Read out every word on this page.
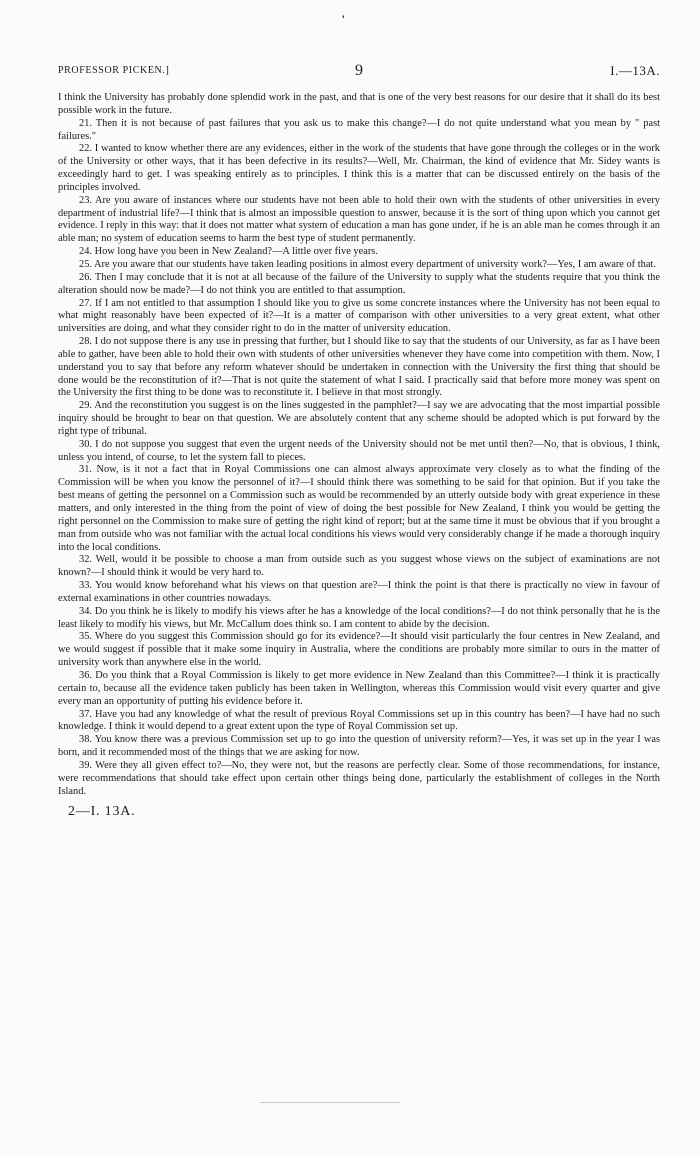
❜
PROFESSOR PICKEN.]	9	I.—13A.

I think the University has probably done splendid work in the past, and that is one of the very best reasons for our desire that it shall do its best possible work in the future.

21. Then it is not because of past failures that you ask us to make this change?—I do not quite understand what you mean by " past failures."

22. I wanted to know whether there are any evidences, either in the work of the students that have gone through the colleges or in the work of the University or other ways, that it has been defective in its results?—Well, Mr. Chairman, the kind of evidence that Mr. Sidey wants is exceedingly hard to get. I was speaking entirely as to principles. I think this is a matter that can be discussed entirely on the basis of the principles involved.

23. Are you aware of instances where our students have not been able to hold their own with the students of other universities in every department of industrial life?—I think that is almost an impossible question to answer, because it is the sort of thing upon which you cannot get evidence. I reply in this way: that it does not matter what system of education a man has gone under, if he is an able man he comes through it an able man; no system of education seems to harm the best type of student permanently.

24. How long have you been in New Zealand?—A little over five years.

25. Are you aware that our students have taken leading positions in almost every department of university work?—Yes, I am aware of that.

26. Then I may conclude that it is not at all because of the failure of the University to supply what the students require that you think the alteration should now be made?—I do not think you are entitled to that assumption.

27. If I am not entitled to that assumption I should like you to give us some concrete instances where the University has not been equal to what might reasonably have been expected of it?—It is a matter of comparison with other universities to a very great extent, what other universities are doing, and what they consider right to do in the matter of university education.

28. I do not suppose there is any use in pressing that further, but I should like to say that the students of our University, as far as I have been able to gather, have been able to hold their own with students of other universities whenever they have come into competition with them. Now, I understand you to say that before any reform whatever should be undertaken in connection with the University the first thing that should be done would be the reconstitution of it?—That is not quite the statement of what I said. I practically said that before more money was spent on the University the first thing to be done was to reconstitute it. I believe in that most strongly.

29. And the reconstitution you suggest is on the lines suggested in the pamphlet?—I say we are advocating that the most impartial possible inquiry should be brought to bear on that question. We are absolutely content that any scheme should be adopted which is put forward by the right type of tribunal.

30. I do not suppose you suggest that even the urgent needs of the University should not be met until then?—No, that is obvious, I think, unless you intend, of course, to let the system fall to pieces.

31. Now, is it not a fact that in Royal Commissions one can almost always approximate very closely as to what the finding of the Commission will be when you know the personnel of it?—I should think there was something to be said for that opinion. But if you take the best means of getting the personnel on a Commission such as would be recommended by an utterly outside body with great experience in these matters, and only interested in the thing from the point of view of doing the best possible for New Zealand, I think you would be getting the right personnel on the Commission to make sure of getting the right kind of report; but at the same time it must be obvious that if you brought a man from outside who was not familiar with the actual local conditions his views would very considerably change if he made a thorough inquiry into the local conditions.

32. Well, would it be possible to choose a man from outside such as you suggest whose views on the subject of examinations are not known?—I should think it would be very hard to.

33. You would know beforehand what his views on that question are?—I think the point is that there is practically no view in favour of external examinations in other countries nowadays.

34. Do you think he is likely to modify his views after he has a knowledge of the local conditions?—I do not think personally that he is the least likely to modify his views, but Mr. McCallum does think so. I am content to abide by the decision.

35. Where do you suggest this Commission should go for its evidence?—It should visit particularly the four centres in New Zealand, and we would suggest if possible that it make some inquiry in Australia, where the conditions are probably more similar to ours in the matter of university work than anywhere else in the world.

36. Do you think that a Royal Commission is likely to get more evidence in New Zealand than this Committee?—I think it is practically certain to, because all the evidence taken publicly has been taken in Wellington, whereas this Commission would visit every quarter and give every man an opportunity of putting his evidence before it.

37. Have you had any knowledge of what the result of previous Royal Commissions set up in this country has been?—I have had no such knowledge. I think it would depend to a great extent upon the type of Royal Commission set up.

38. You know there was a previous Commission set up to go into the question of university reform?—Yes, it was set up in the year I was born, and it recommended most of the things that we are asking for now.

39. Were they all given effect to?—No, they were not, but the reasons are perfectly clear. Some of those recommendations, for instance, were recommendations that should take effect upon certain other things being done, particularly the establishment of colleges in the North Island.

2—I. 13A.
